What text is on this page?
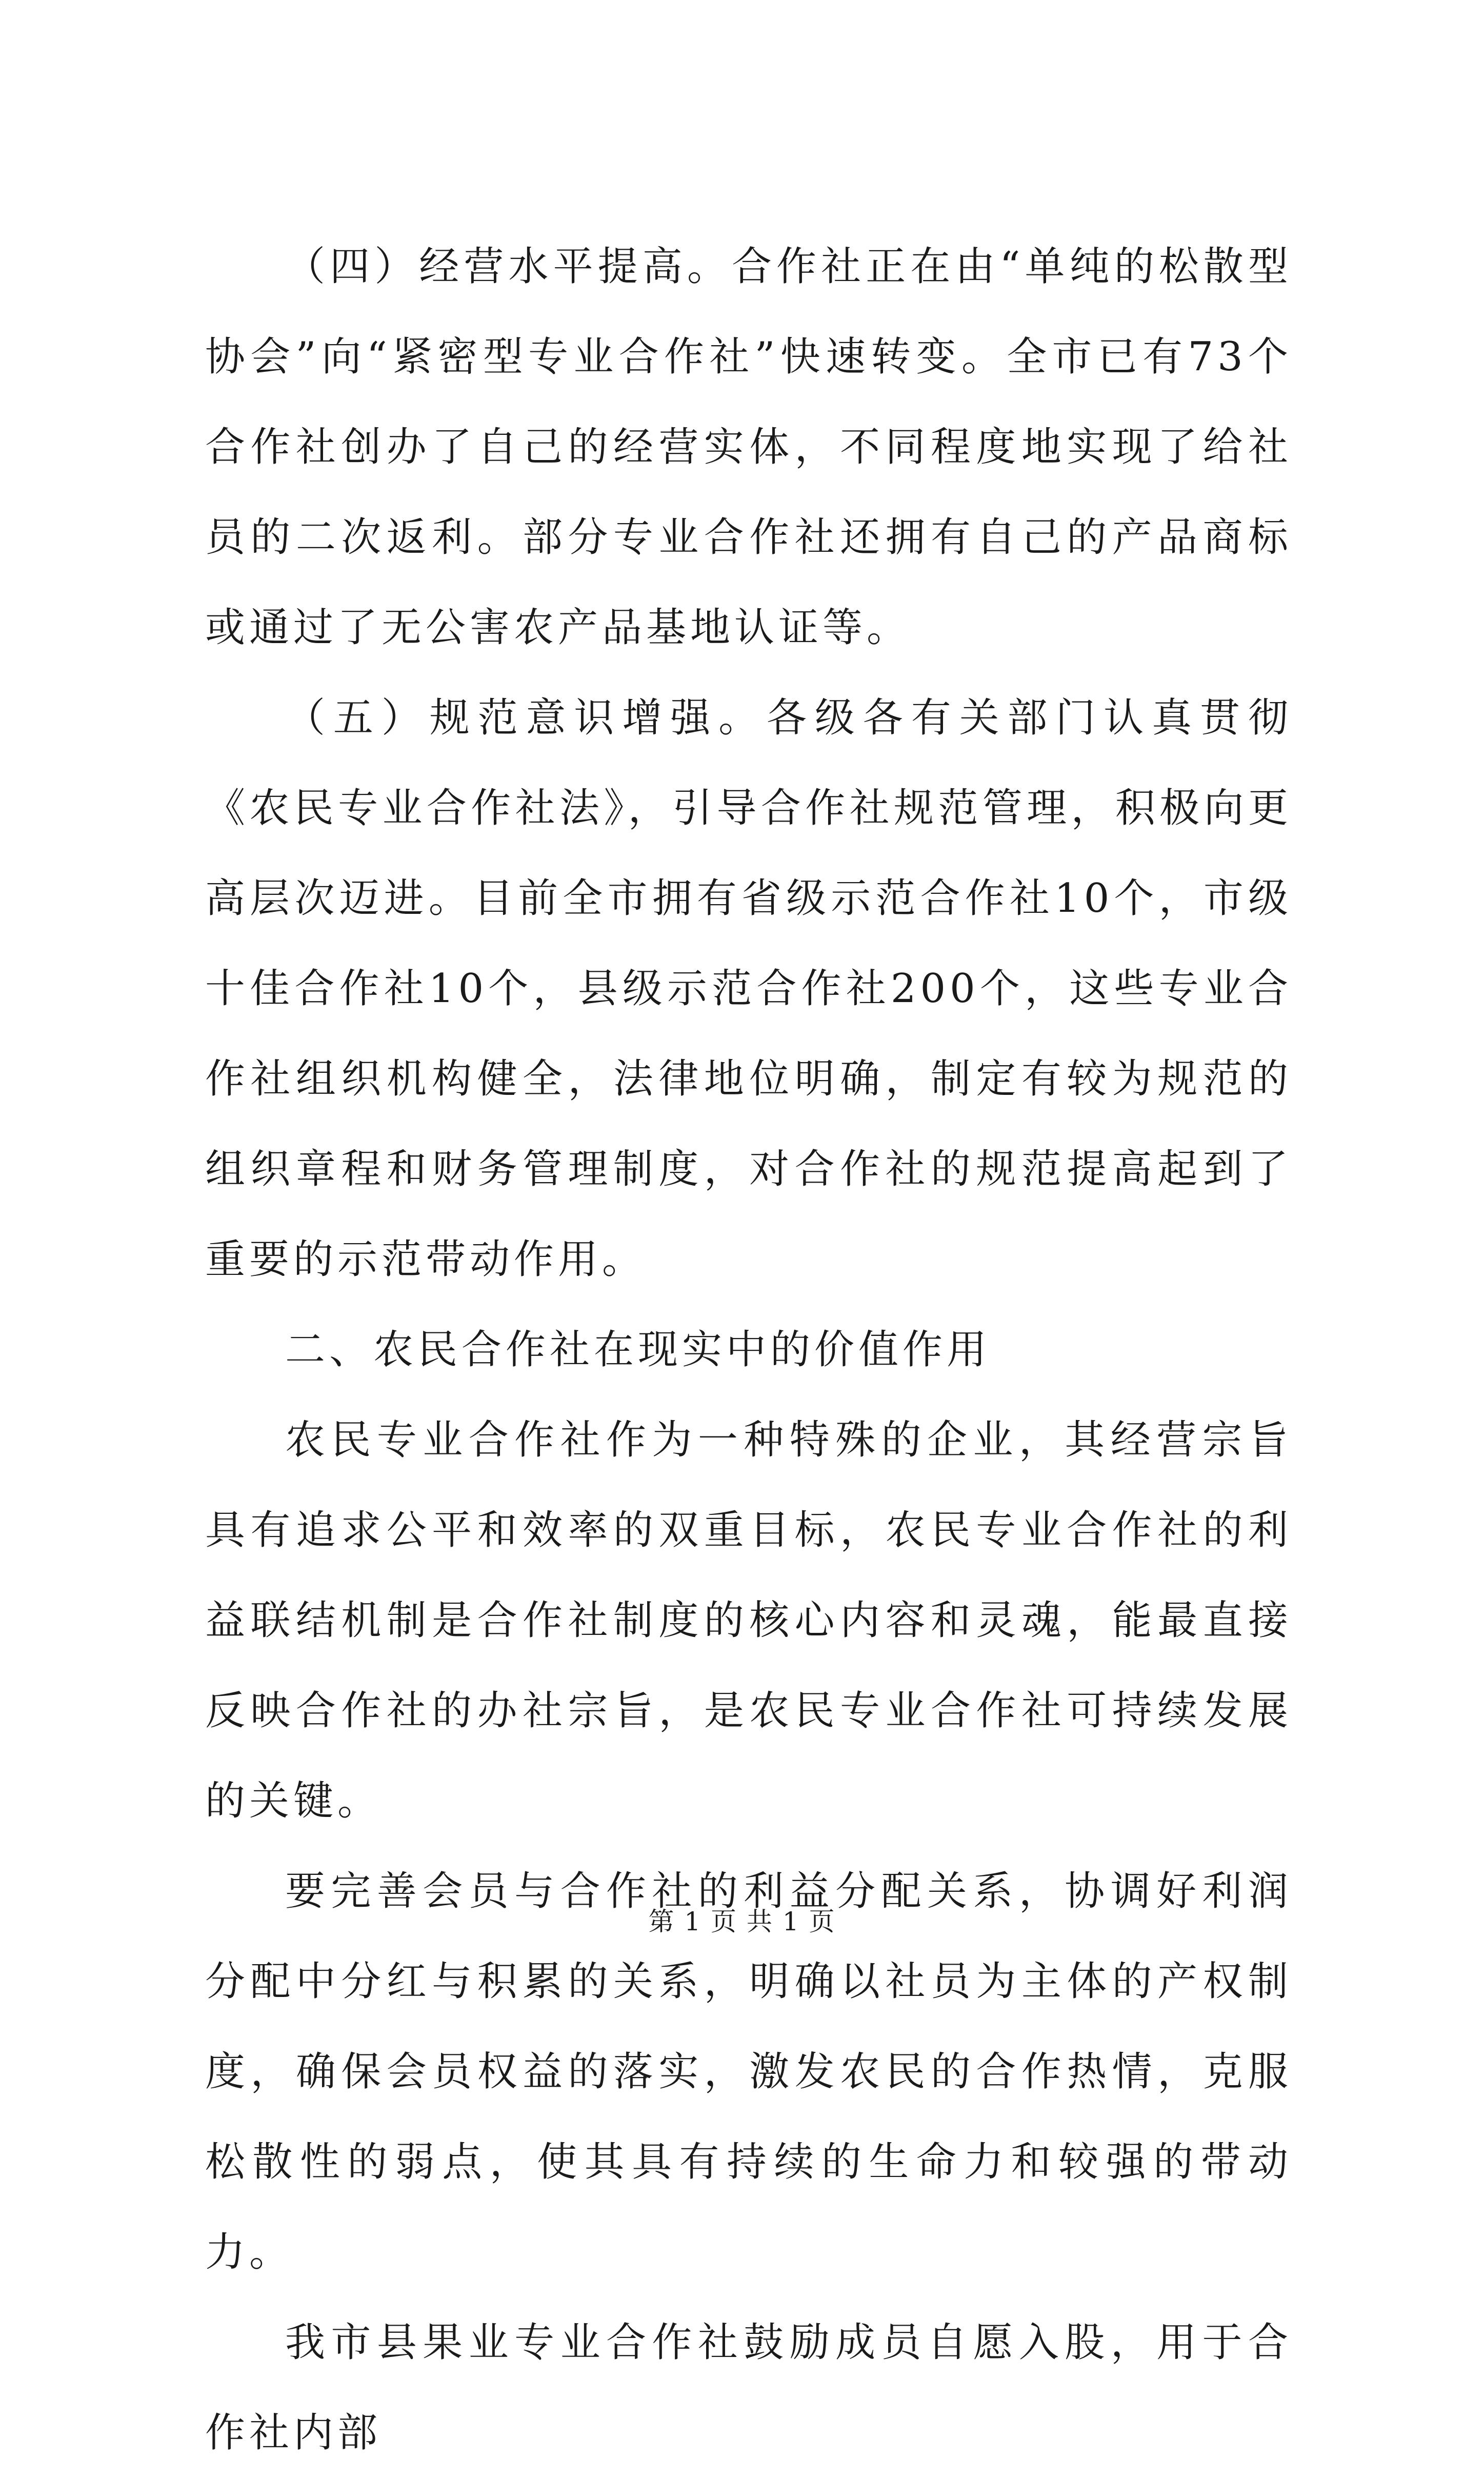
（四）经营水平提高。合作社正在由“单纯的松散型协会”向“紧密型专业合作社”快速转变。全市已有73个合作社创办了自己的经营实体，不同程度地实现了给社员的二次返利。部分专业合作社还拥有自己的产品商标或通过了无公害农产品基地认证等。

（五）规范意识增强。各级各有关部门认真贯彻《农民专业合作社法》，引导合作社规范管理，积极向更高层次迈进。目前全市拥有省级示范合作社10个，市级十佳合作社10个，县级示范合作社200个，这些专业合作社组织机构健全，法律地位明确，制定有较为规范的组织章程和财务管理制度，对合作社的规范提高起到了重要的示范带动作用。

二、农民合作社在现实中的价值作用

农民专业合作社作为一种特殊的企业，其经营宗旨具有追求公平和效率的双重目标，农民专业合作社的利益联结机制是合作社制度的核心内容和灵魂，能最直接反映合作社的办社宗旨，是农民专业合作社可持续发展的关键。

要完善会员与合作社的利益分配关系，协调好利润分配中分红与积累的关系，明确以社员为主体的产权制度，确保会员权益的落实，激发农民的合作热情，克服松散性的弱点，使其具有持续的生命力和较强的带动力。

我市县果业专业合作社鼓励成员自愿入股，用于合作社内部

第 1 页 共 1 页
